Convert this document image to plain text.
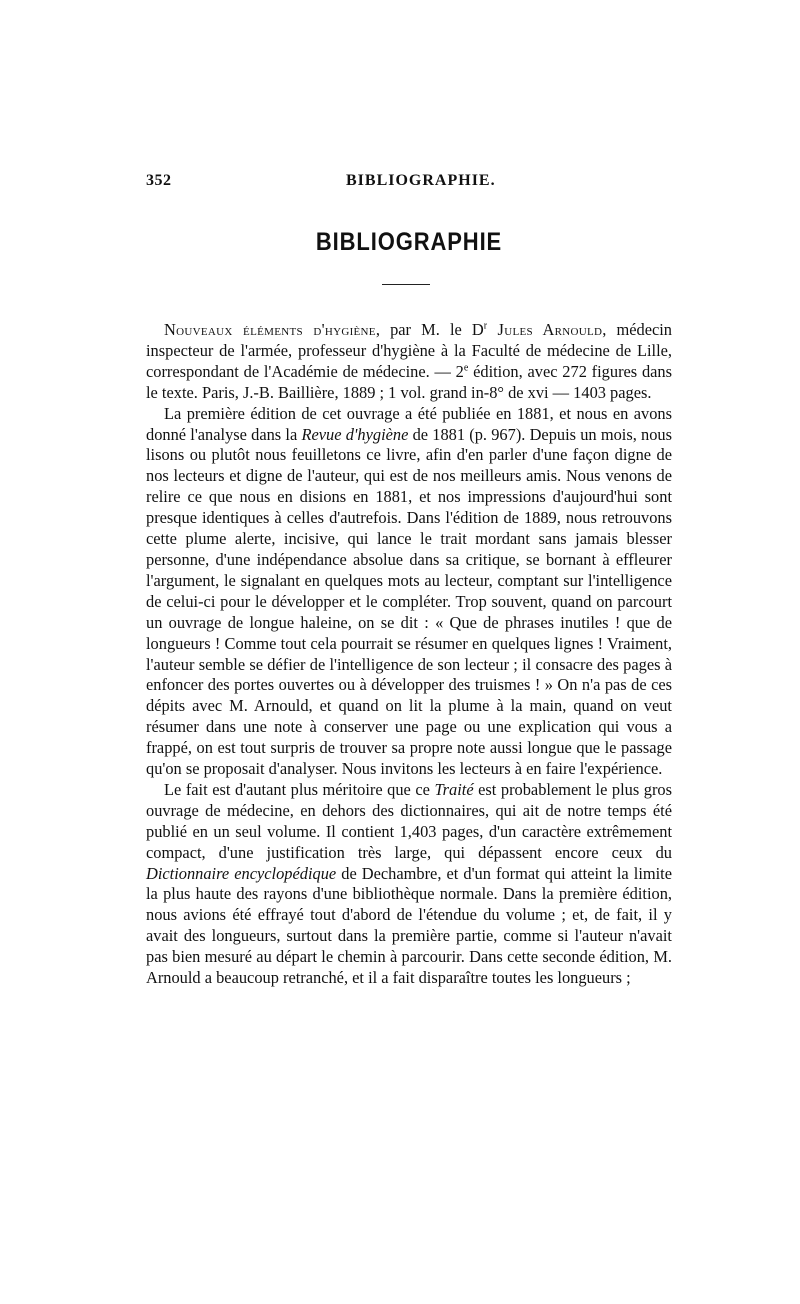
352	BIBLIOGRAPHIE.
BIBLIOGRAPHIE

Nouveaux éléments d'hygiène, par M. le $D^r$ Jules Arnould, médecin inspecteur de l'armée, professeur d'hygiène à la Faculté de médecine de Lille, correspondant de l'Académie de médecine. — 2e édition, avec 272 figures dans le texte. Paris, J.-B. Baillière, 1889 ; 1 vol. grand in-8° de xvi — 1403 pages.

La première édition de cet ouvrage a été publiée en 1881, et nous en avons donné l'analyse dans la Revue d'hygiène de 1881 (p. 967). Depuis un mois, nous lisons ou plutôt nous feuilletons ce livre, afin d'en parler d'une façon digne de nos lecteurs et digne de l'auteur, qui est de nos meilleurs amis. Nous venons de relire ce que nous en disions en 1881, et nos impressions d'aujourd'hui sont presque identiques à celles d'autrefois. Dans l'édition de 1889, nous retrouvons cette plume alerte, incisive, qui lance le trait mordant sans jamais blesser personne, d'une indépendance absolue dans sa critique, se bornant à effleurer l'argument, le signalant en quelques mots au lecteur, comptant sur l'intelligence de celui-ci pour le développer et le compléter. Trop souvent, quand on parcourt un ouvrage de longue haleine, on se dit : « Que de phrases inutiles ! que de longueurs ! Comme tout cela pourrait se résumer en quelques lignes ! Vraiment, l'auteur semble se défier de l'intelligence de son lecteur ; il consacre des pages à enfoncer des portes ouvertes ou à développer des truismes ! » On n'a pas de ces dépits avec M. Arnould, et quand on lit la plume à la main, quand on veut résumer dans une note à conserver une page ou une explication qui vous a frappé, on est tout surpris de trouver sa propre note aussi longue que le passage qu'on se proposait d'analyser. Nous invitons les lecteurs à en faire l'expérience.

Le fait est d'autant plus méritoire que ce Traité est probablement le plus gros ouvrage de médecine, en dehors des dictionnaires, qui ait de notre temps été publié en un seul volume. Il contient 1,403 pages, d'un caractère extrêmement compact, d'une justification très large, qui dépassent encore ceux du Dictionnaire encyclopédique de Dechambre, et d'un format qui atteint la limite la plus haute des rayons d'une bibliothèque normale. Dans la première édition, nous avions été effrayé tout d'abord de l'étendue du volume ; et, de fait, il y avait des longueurs, surtout dans la première partie, comme si l'auteur n'avait pas bien mesuré au départ le chemin à parcourir. Dans cette seconde édition, M. Arnould a beaucoup retranché, et il a fait disparaître toutes les longueurs ;
